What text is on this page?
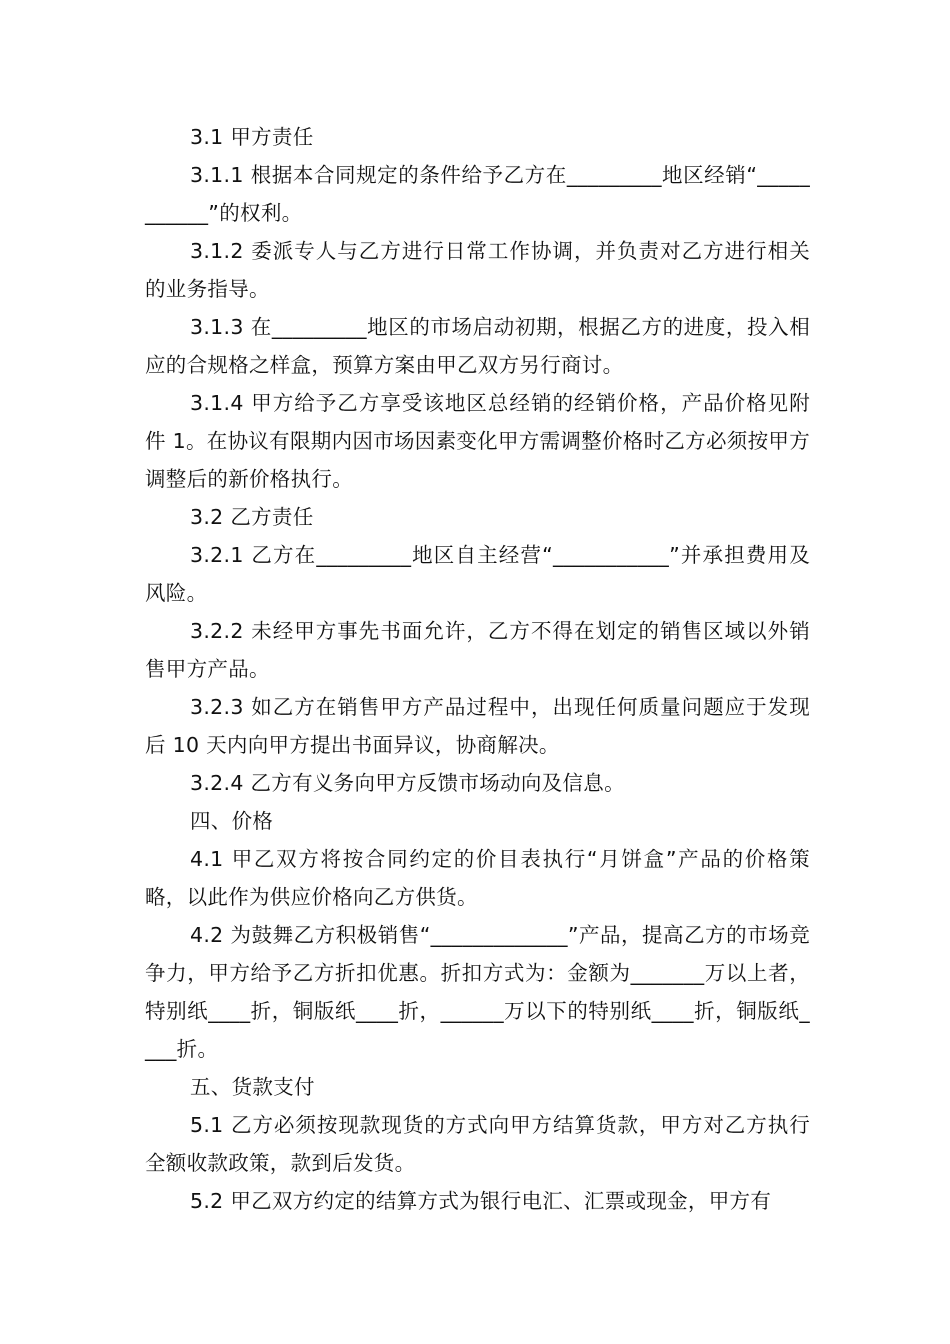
3.1 甲方责任

3.1.1 根据本合同规定的条件给予乙方在_________地区经销“___________”的权利。

3.1.2 委派专人与乙方进行日常工作协调，并负责对乙方进行相关的业务指导。

3.1.3 在_________地区的市场启动初期，根据乙方的进度，投入相应的合规格之样盒，预算方案由甲乙双方另行商讨。

3.1.4 甲方给予乙方享受该地区总经销的经销价格，产品价格见附件 1。在协议有限期内因市场因素变化甲方需调整价格时乙方必须按甲方调整后的新价格执行。

3.2 乙方责任

3.2.1 乙方在_________地区自主经营“___________”并承担费用及风险。

3.2.2 未经甲方事先书面允许，乙方不得在划定的销售区域以外销售甲方产品。

3.2.3 如乙方在销售甲方产品过程中，出现任何质量问题应于发现后 10 天内向甲方提出书面异议，协商解决。

3.2.4 乙方有义务向甲方反馈市场动向及信息。

四、价格

4.1 甲乙双方将按合同约定的价目表执行“月饼盒”产品的价格策略，以此作为供应价格向乙方供货。

4.2 为鼓舞乙方积极销售“_____________”产品，提高乙方的市场竞争力，甲方给予乙方折扣优惠。折扣方式为：金额为_______万以上者，特别纸____折，铜版纸____折，______万以下的特别纸____折，铜版纸____折。

五、货款支付

5.1 乙方必须按现款现货的方式向甲方结算货款，甲方对乙方执行全额收款政策，款到后发货。

5.2 甲乙双方约定的结算方式为银行电汇、汇票或现金，甲方有
